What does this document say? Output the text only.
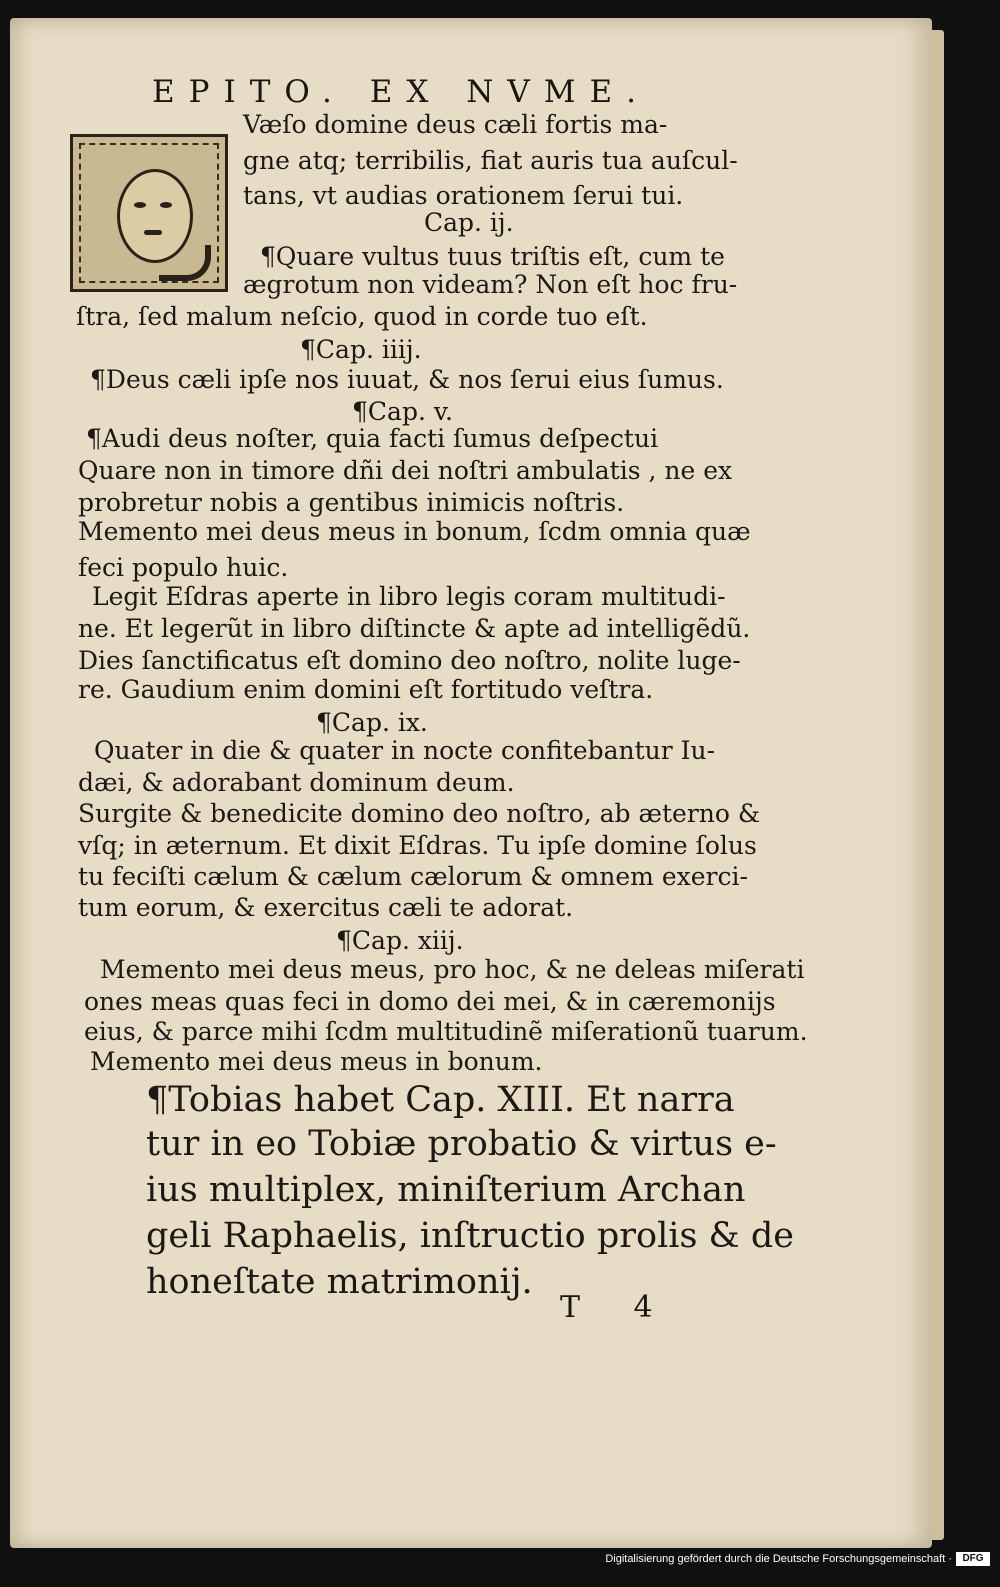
EPITO. EX NVME.
Væſo domine deus cæli fortis ma-
gne atq; terribilis, fiat auris tua auſcul-
tans, vt audias orationem ſerui tui.
Cap. ij.
¶Quare vultus tuus triſtis eſt, cum te
ægrotum non videam? Non eſt hoc fru-
ſtra, ſed malum neſcio, quod in corde tuo eſt.
¶Cap. iiij.
¶Deus cæli ipſe nos iuuat, & nos ſerui eius ſumus.
¶Cap. v.
¶Audi deus noſter, quia facti ſumus deſpectui
Quare non in timore dñi dei noſtri ambulatis , ne ex
probretur nobis a gentibus inimicis noſtris.
Memento mei deus meus in bonum, ſcdm omnia quæ
feci populo huic.
Legit Eſdras aperte in libro legis coram multitudi-
ne. Et legerũt in libro diſtincte & apte ad intelligẽdũ.
Dies ſanctificatus eſt domino deo noſtro, nolite luge-
re. Gaudium enim domini eſt fortitudo veſtra.
¶Cap. ix.
Quater in die & quater in nocte confitebantur Iu-
dæi, & adorabant dominum deum.
Surgite & benedicite domino deo noſtro, ab æterno &
vſq; in æternum. Et dixit Eſdras. Tu ipſe domine ſolus
tu feciſti cælum & cælum cælorum & omnem exerci-
tum eorum, & exercitus cæli te adorat.
¶Cap. xiij.
Memento mei deus meus, pro hoc, & ne deleas miſerati
ones meas quas feci in domo dei mei, & in cæremonijs
eius, & parce mihi ſcdm multitudinẽ miſerationũ tuarum.
Memento mei deus meus in bonum.
¶Tobias habet Cap. XIII. Et narra
tur in eo Tobiæ probatio & virtus e-
ius multiplex, miniſterium Archan
geli Raphaelis, inſtructio prolis & de
honeſtate matrimonij.
T 4
Digitalisierung gefördert durch die Deutsche Forschungsgemeinschaft ·	DFG
